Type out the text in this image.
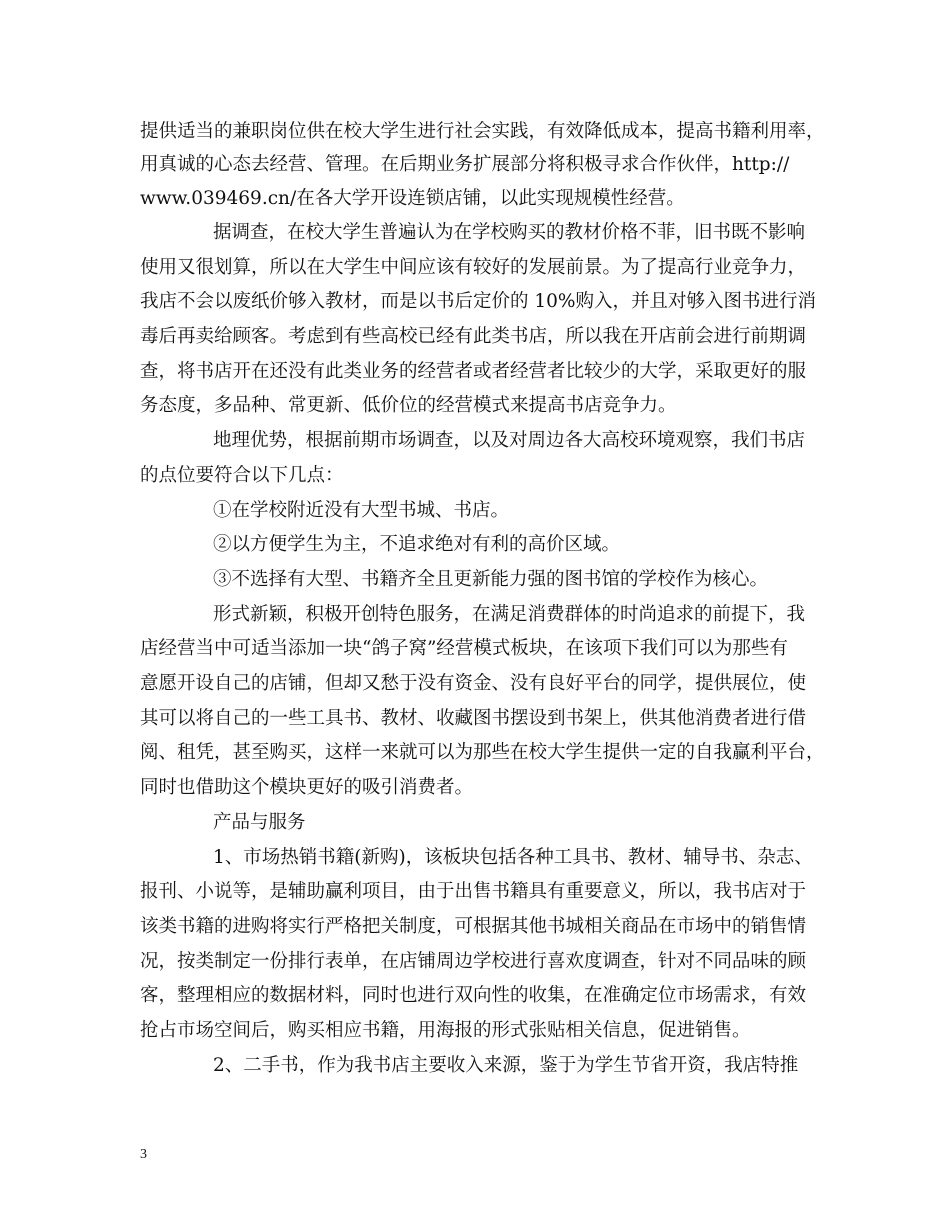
提供适当的兼职岗位供在校大学生进行社会实践，有效降低成本，提高书籍利用率，
用真诚的心态去经营、管理。在后期业务扩展部分将积极寻求合作伙伴，http://
www.039469.cn/在各大学开设连锁店铺，以此实现规模性经营。
据调查，在校大学生普遍认为在学校购买的教材价格不菲，旧书既不影响
使用又很划算，所以在大学生中间应该有较好的发展前景。为了提高行业竞争力，
我店不会以废纸价够入教材，而是以书后定价的 10%购入，并且对够入图书进行消
毒后再卖给顾客。考虑到有些高校已经有此类书店，所以我在开店前会进行前期调
查，将书店开在还没有此类业务的经营者或者经营者比较少的大学，采取更好的服
务态度，多品种、常更新、低价位的经营模式来提高书店竞争力。
地理优势，根据前期市场调查，以及对周边各大高校环境观察，我们书店
的点位要符合以下几点：
①在学校附近没有大型书城、书店。
②以方便学生为主，不追求绝对有利的高价区域。
③不选择有大型、书籍齐全且更新能力强的图书馆的学校作为核心。
形式新颖，积极开创特色服务，在满足消费群体的时尚追求的前提下，我
店经营当中可适当添加一块“鸽子窝”经营模式板块，在该项下我们可以为那些有
意愿开设自己的店铺，但却又愁于没有资金、没有良好平台的同学，提供展位，使
其可以将自己的一些工具书、教材、收藏图书摆设到书架上，供其他消费者进行借
阅、租凭，甚至购买，这样一来就可以为那些在校大学生提供一定的自我赢利平台，
同时也借助这个模块更好的吸引消费者。
产品与服务
1、市场热销书籍(新购)，该板块包括各种工具书、教材、辅导书、杂志、
报刊、小说等，是辅助赢利项目，由于出售书籍具有重要意义，所以，我书店对于
该类书籍的进购将实行严格把关制度，可根据其他书城相关商品在市场中的销售情
况，按类制定一份排行表单，在店铺周边学校进行喜欢度调查，针对不同品味的顾
客，整理相应的数据材料，同时也进行双向性的收集，在准确定位市场需求，有效
抢占市场空间后，购买相应书籍，用海报的形式张贴相关信息，促进销售。
2、二手书，作为我书店主要收入来源，鉴于为学生节省开资，我店特推
3
